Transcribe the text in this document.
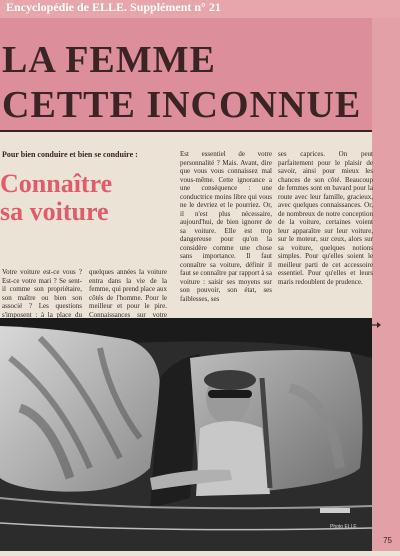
Encyclopédie de ELLE. Supplément n° 21
LA FEMME
CETTE INCONNUE
Pour bien conduire et bien se conduire :
Connaître
sa voiture
Votre voiture est-ce vous ? Est-ce votre mari ? Se sent-il comme son propriétaire, son maître ou bien son associé ? Les questions s'imposent : à la place du
quelques années la voiture entra dans la vie de la femme, qui prend place aux côtés de l'homme. Pour le meilleur et pour le pire. Connaissances sur votre
Est essentiel de votre personnalité ? Mais. Avant, dire que vous vous connaissez mal vous-même. Cette ignorance a une conséquence : une conductrice moins libre qui vous ne le devriez et le pourriez. Or, il n'est plus nécessaire, aujourd'hui, de bien ignorer de sa voiture. Elle est trop dangereuse pour qu'on la considère comme une chose sans importance. Il faut connaître sa voiture, définir il faut se connaître par rapport à sa voiture : saisir ses moyens sur son pouvoir, son état, ses faiblesses, ses
ses caprices. On peut parfaitement pour le plaisir de savoir, ainsi pour mieux les chances de son côté. Beaucoup de femmes sont en bavard pour la route avec leur famille, gracieux, avec quelques connaissances. Or, de nombreux de notre conception de la voiture, certaines voient leur apparaître sur leur voiture, sur le moteur, sur ceux, alors sur sa voiture, quelques notions simples. Pour qu'elles soient le meilleur parti de cet accessoire essentiel. Pour qu'elles et leurs maris redoublent de prudence.
Photo ELLE
75
